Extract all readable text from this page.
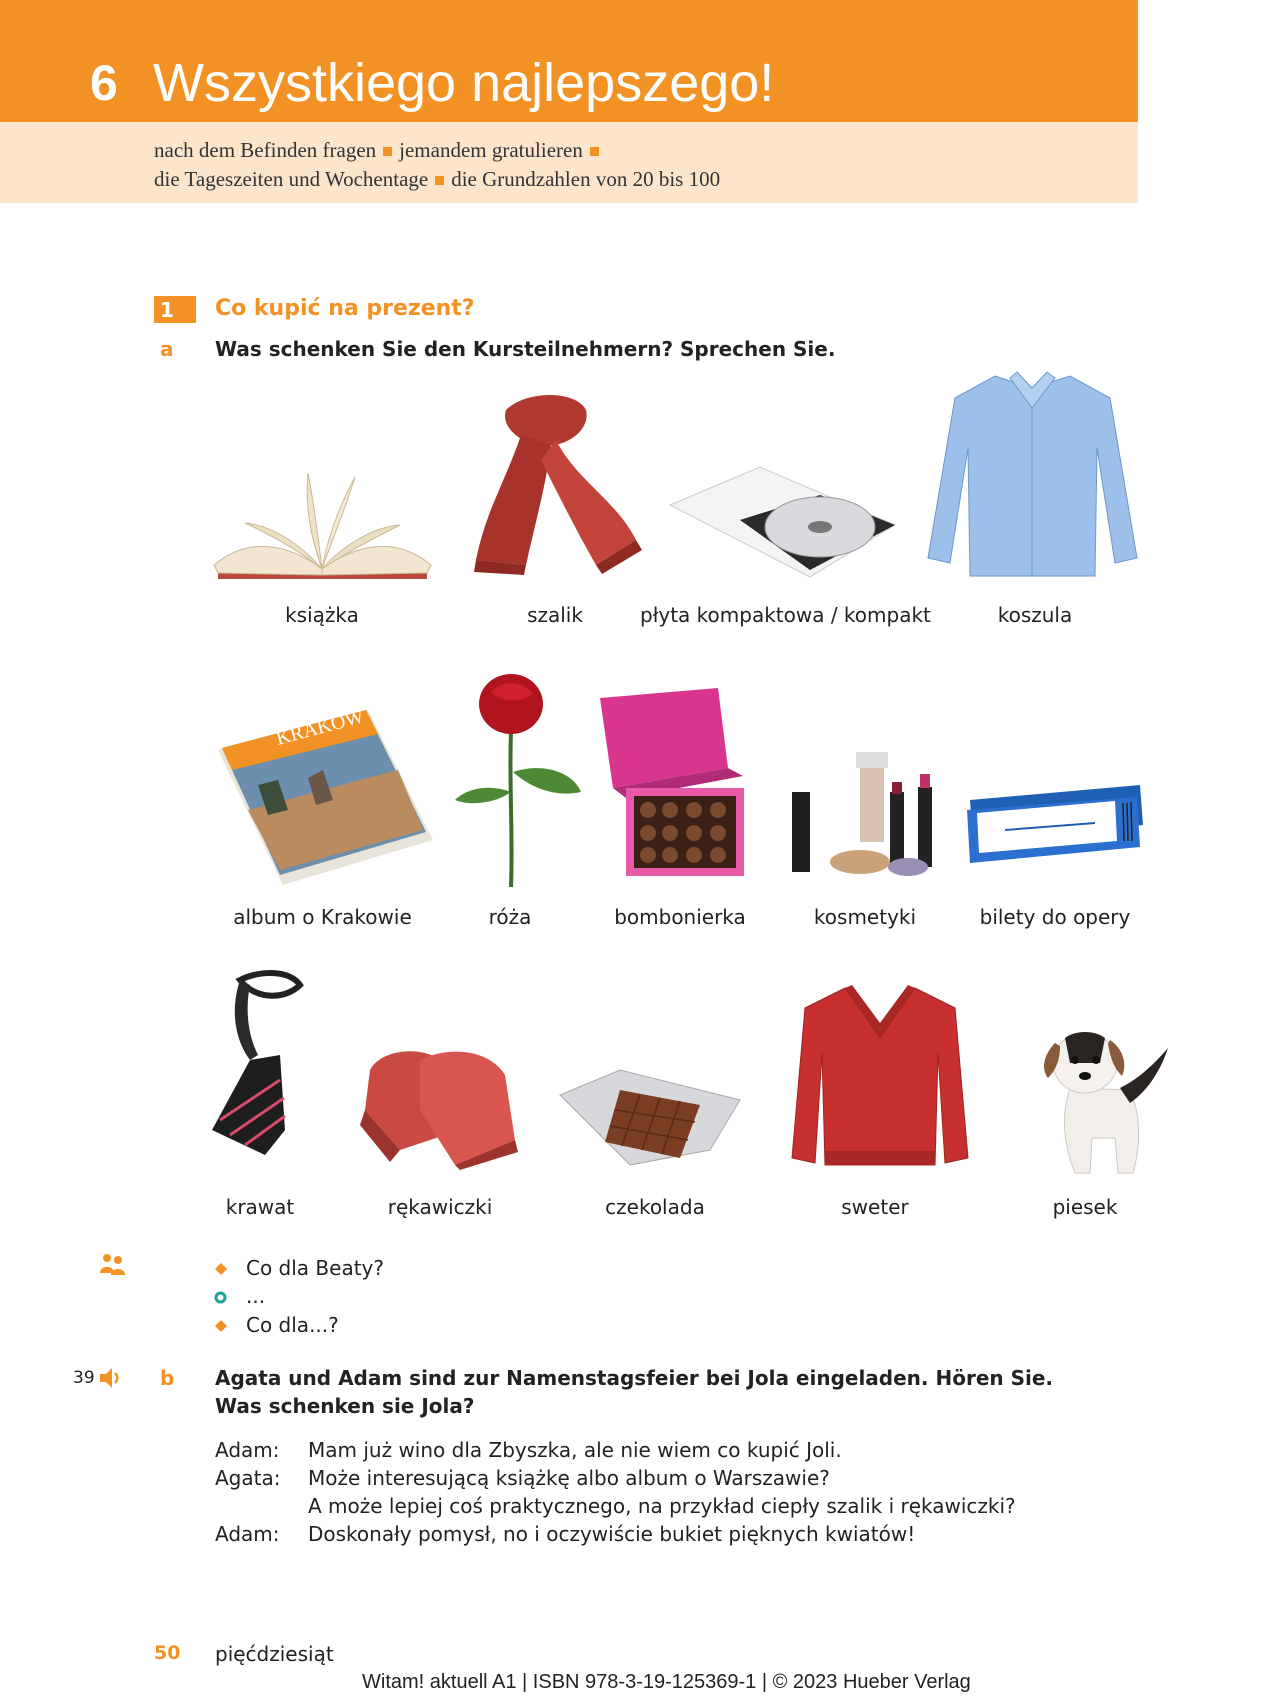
6 Wszystkiego najlepszego!
nach dem Befinden fragen jemandem gratulieren
die Tageszeiten und Wochentage die Grundzahlen von 20 bis 100
1 Co kupić na prezent?
a Was schenken Sie den Kursteilnehmern? Sprechen Sie.
książka	szalik	płyta kompaktowa / kompakt	koszula
KRAKÓW
album o Krakowie	róża	bombonierka	kosmetyki	bilety do opery
krawat	rękawiczki	czekolada	sweter	piesek
Co dla Beaty?
...
Co dla...?
39	b Agata und Adam sind zur Namenstagsfeier bei Jola eingeladen. Hören Sie.
Was schenken sie Jola?
Adam: Mam już wino dla Zbyszka, ale nie wiem co kupić Joli.
Agata: Może interesującą książkę albo album o Warszawie?
A może lepiej coś praktycznego, na przykład ciepły szalik i rękawiczki?
Adam: Doskonały pomysł, no i oczywiście bukiet pięknych kwiatów!
50 pięćdziesiąt
Witam! aktuell A1 | ISBN 978-3-19-125369-1 | © 2023 Hueber Verlag
